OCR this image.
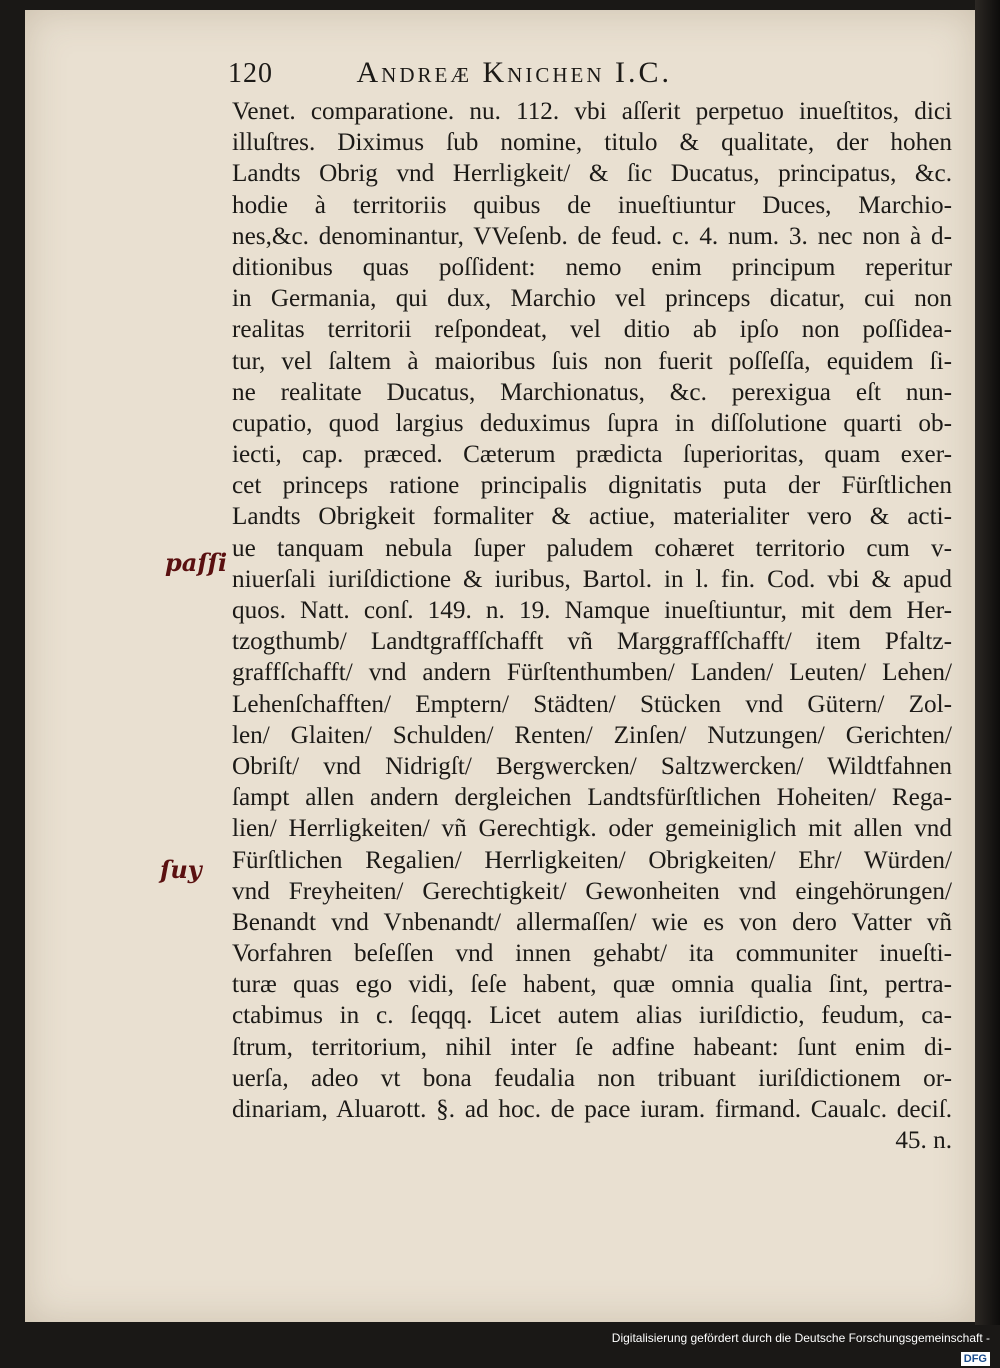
120	Andreæ Knichen I.C.
Venet. comparatione. nu. 112. vbi aſſerit perpetuo inueſtitos, dici
illuſtres. Diximus ſub nomine, titulo & qualitate, der hohen
Landts Obrig vnd Herrligkeit/ & ſic Ducatus, principatus, &c.
hodie à territoriis quibus de inueſtiuntur Duces, Marchio-
nes,&c. denominantur, VVeſenb. de feud. c. 4. num. 3. nec non à d-
ditionibus quas poſſident: nemo enim principum reperitur
in Germania, qui dux, Marchio vel princeps dicatur, cui non
realitas territorii reſpondeat, vel ditio ab ipſo non poſſidea-
tur, vel ſaltem à maioribus ſuis non fuerit poſſeſſa, equidem ſi-
ne realitate Ducatus, Marchionatus, &c. perexigua eſt nun-
cupatio, quod largius deduximus ſupra in diſſolutione quarti ob-
iecti, cap. præced. Cæterum prædicta ſuperioritas, quam exer-
cet princeps ratione principalis dignitatis puta der Fürſtlichen
Landts Obrigkeit formaliter & actiue, materialiter vero & acti-
ue tanquam nebula ſuper paludem cohæret territorio cum v-
niuerſali iuriſdictione & iuribus, Bartol. in l. fin. Cod. vbi & apud
quos. Natt. conſ. 149. n. 19. Namque inueſtiuntur, mit dem Her-
tzogthumb/ Landtgraffſchafft vñ Marggraffſchafft/ item Pfaltz-
graffſchafft/ vnd andern Fürſtenthumben/ Landen/ Leuten/ Lehen/
Lehenſchafften/ Emptern/ Städten/ Stücken vnd Gütern/ Zol-
len/ Glaiten/ Schulden/ Renten/ Zinſen/ Nutzungen/ Gerichten/
Obriſt/ vnd Nidrigſt/ Bergwercken/ Saltzwercken/ Wildtfahnen
ſampt allen andern dergleichen Landtsfürſtlichen Hoheiten/ Rega-
lien/ Herrligkeiten/ vñ Gerechtigk. oder gemeiniglich mit allen vnd
Fürſtlichen Regalien/ Herrligkeiten/ Obrigkeiten/ Ehr/ Würden/
vnd Freyheiten/ Gerechtigkeit/ Gewonheiten vnd eingehörungen/
Benandt vnd Vnbenandt/ allermaſſen/ wie es von dero Vatter vñ
Vorfahren beſeſſen vnd innen gehabt/ ita communiter inueſti-
turæ quas ego vidi, ſeſe habent, quæ omnia qualia ſint, pertra-
ctabimus in c. ſeqqq. Licet autem alias iuriſdictio, feudum, ca-
ſtrum, territorium, nihil inter ſe adfine habeant: ſunt enim di-
uerſa, adeo vt bona feudalia non tribuant iuriſdictionem or-
dinariam, Aluarott. §. ad hoc. de pace iuram. firmand. Caualc. deciſ.
45. n.
paſſi
ſuy
Digitalisierung gefördert durch die Deutsche Forschungsgemeinschaft - DFG
